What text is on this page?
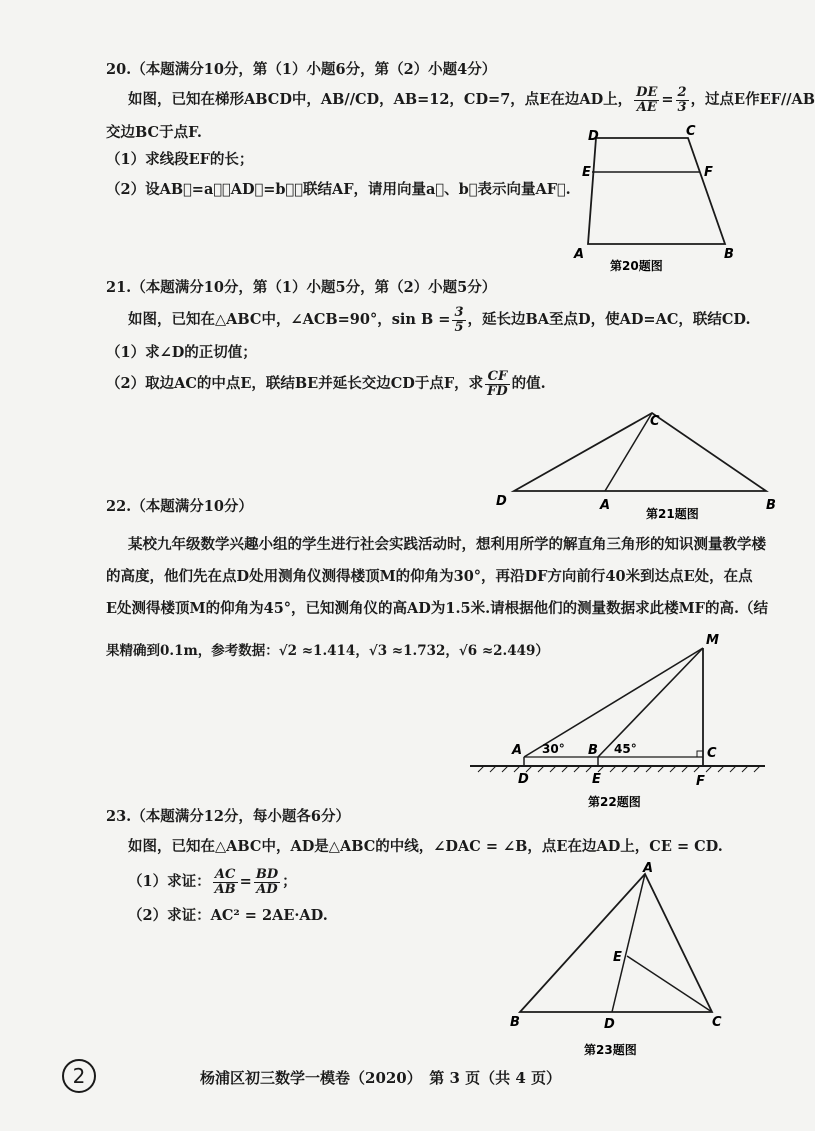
20.（本题满分10分，第（1）小题6分，第（2）小题4分）
如图，已知在梯形ABCD中，AB//CD，AB=12，CD=7，点E在边AD上， $\frac{DE}{AE} = \frac{2}{3}$ ，过点E作EF//AB
交边BC于点F.
（1）求线段EF的长；
（2）设AB⃗=a⃗，AD⃗=b⃗，联结AF，请用向量a⃗、b⃗表示向量AF⃗.
D	C
E	F
A	B
第20题图
21.（本题满分10分，第（1）小题5分，第（2）小题5分）
如图，已知在△ABC中，∠ACB=90°，$\sin B = \frac{3}{5}$ ，延长边BA至点D，使AD=AC，联结CD.
（1）求∠D的正切值；
（2）取边AC的中点E，联结BE并延长交边CD于点F，求 $\frac{CF}{FD}$ 的值.
C
D	A	B
第21题图
22.（本题满分10分）
某校九年级数学兴趣小组的学生进行社会实践活动时，想利用所学的解直角三角形的知识测量教学楼
的高度，他们先在点D处用测角仪测得楼顶M的仰角为30°，再沿DF方向前行40米到达点E处，在点
E处测得楼顶M的仰角为45°，已知测角仪的高AD为1.5米.请根据他们的测量数据求此楼MF的高.（结
果精确到0.1m，参考数据：√2 ≈1.414，√3 ≈1.732，√6 ≈2.449）
M
A	B	C
D	E	F
30°	45°
第22题图
23.（本题满分12分，每小题各6分）
如图，已知在△ABC中，AD是△ABC的中线，∠DAC = ∠B，点E在边AD上，CE = CD.
（1）求证： $\frac{AC}{AB} = \frac{BD}{AD}$ ；
（2）求证：AC² = 2AE·AD.
A
E
B	D	C
第23题图
2	杨浦区初三数学一模卷（2020）　第 3 页（共 4 页）
